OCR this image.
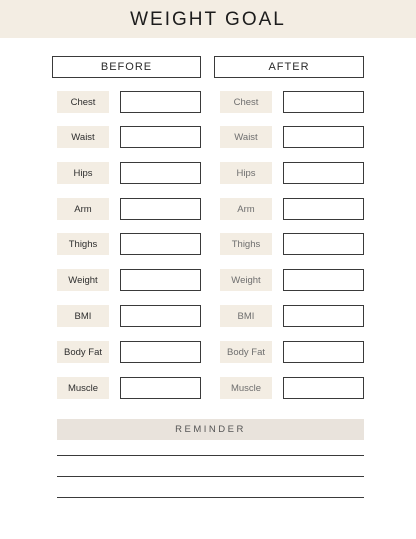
WEIGHT GOAL
BEFORE	AFTER
Chest	Chest
Waist	Waist
Hips	Hips
Arm	Arm
Thighs	Thighs
Weight	Weight
BMI	BMI
Body Fat	Body Fat
Muscle	Muscle
REMINDER
